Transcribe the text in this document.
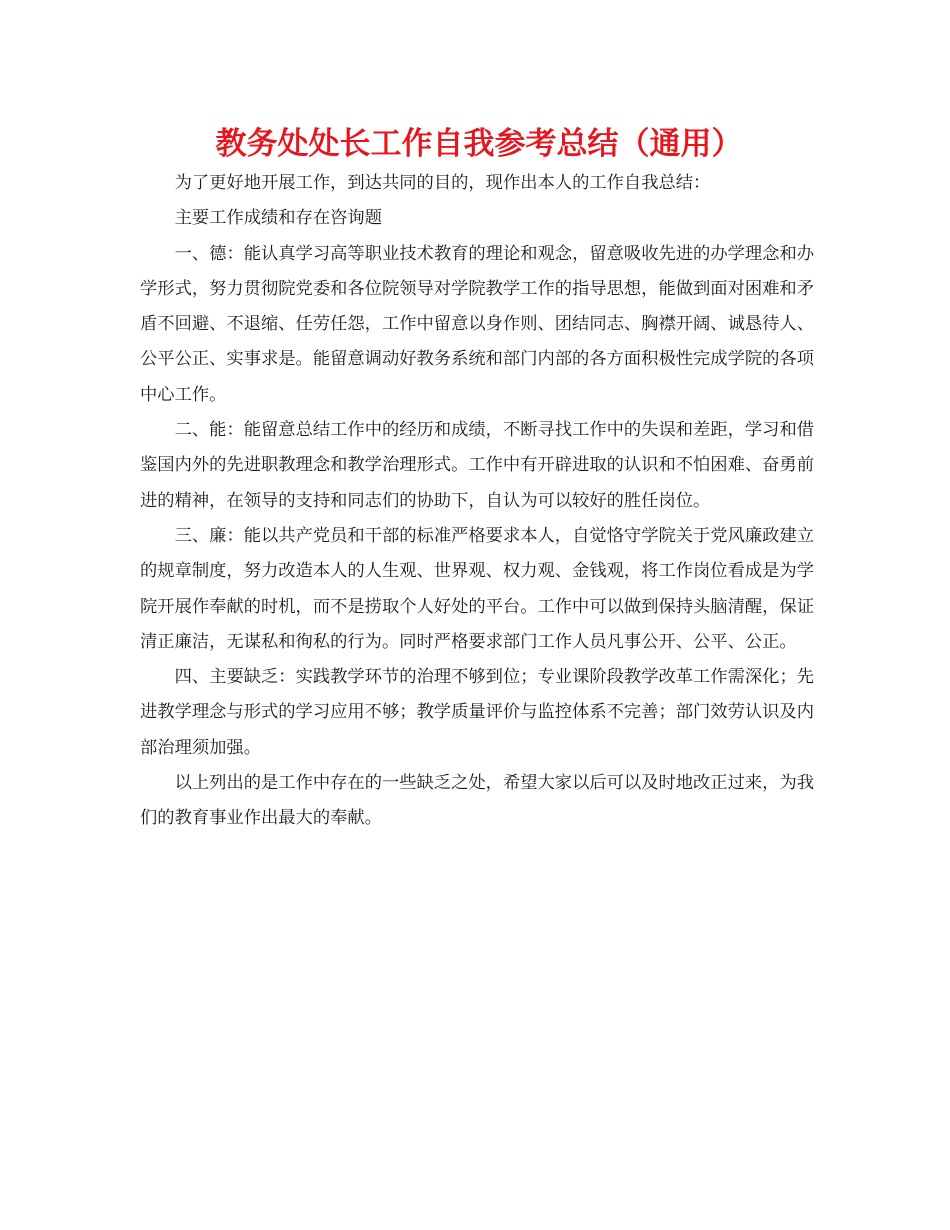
教务处处长工作自我参考总结（通用）

为了更好地开展工作，到达共同的目的，现作出本人的工作自我总结：

主要工作成绩和存在咨询题

一、德：能认真学习高等职业技术教育的理论和观念，留意吸收先进的办学理念和办学形式，努力贯彻院党委和各位院领导对学院教学工作的指导思想，能做到面对困难和矛盾不回避、不退缩、任劳任怨，工作中留意以身作则、团结同志、胸襟开阔、诚恳待人、公平公正、实事求是。能留意调动好教务系统和部门内部的各方面积极性完成学院的各项中心工作。

二、能：能留意总结工作中的经历和成绩，不断寻找工作中的失误和差距，学习和借鉴国内外的先进职教理念和教学治理形式。工作中有开辟进取的认识和不怕困难、奋勇前进的精神，在领导的支持和同志们的协助下，自认为可以较好的胜任岗位。

三、廉：能以共产党员和干部的标准严格要求本人，自觉恪守学院关于党风廉政建立的规章制度，努力改造本人的人生观、世界观、权力观、金钱观，将工作岗位看成是为学院开展作奉献的时机，而不是捞取个人好处的平台。工作中可以做到保持头脑清醒，保证清正廉洁，无谋私和徇私的行为。同时严格要求部门工作人员凡事公开、公平、公正。

四、主要缺乏：实践教学环节的治理不够到位；专业课阶段教学改革工作需深化；先进教学理念与形式的学习应用不够；教学质量评价与监控体系不完善；部门效劳认识及内部治理须加强。

以上列出的是工作中存在的一些缺乏之处，希望大家以后可以及时地改正过来，为我们的教育事业作出最大的奉献。
